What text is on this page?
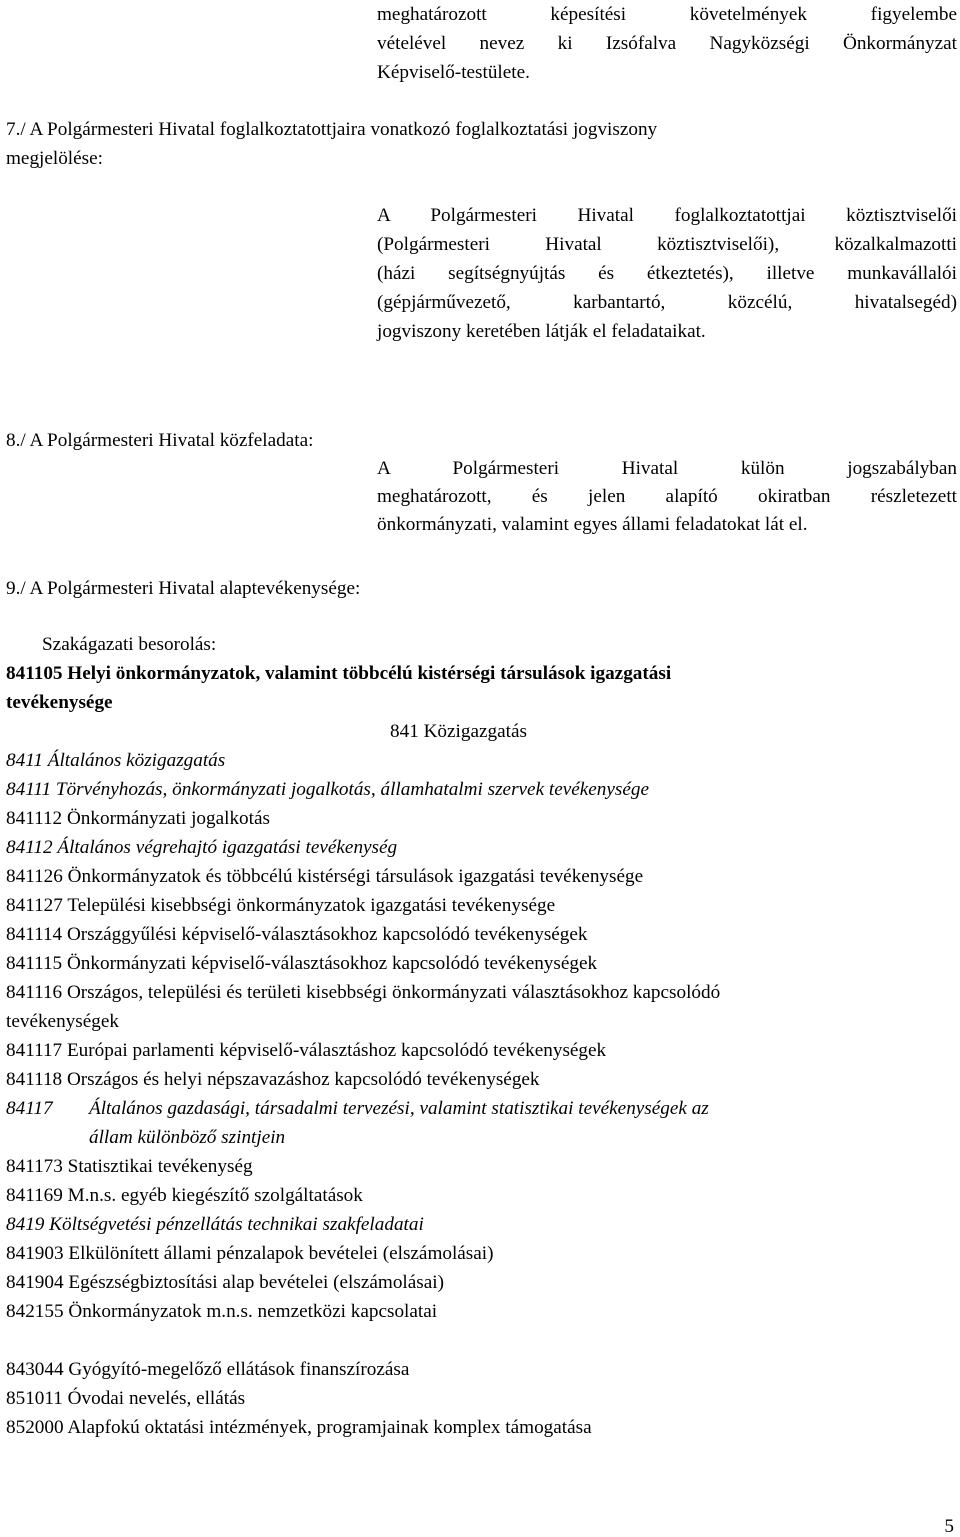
meghatározott képesítési követelmények figyelembe
vételével nevez ki Izsófalva Nagyközségi Önkormányzat
Képviselő-testülete.
7./ A Polgármesteri Hivatal foglalkoztatottjaira vonatkozó foglalkoztatási jogviszony
megjelölése:
A Polgármesteri Hivatal foglalkoztatottjai köztisztviselői
(Polgármesteri Hivatal köztisztviselői), közalkalmazotti
(házi segítségnyújtás és étkeztetés), illetve munkavállalói
(gépjárművezető, karbantartó, közcélú, hivatalsegéd)
jogviszony keretében látják el feladataikat.
8./ A Polgármesteri Hivatal közfeladata:
A Polgármesteri Hivatal külön jogszabályban
meghatározott, és jelen alapító okiratban részletezett
önkormányzati, valamint egyes állami feladatokat lát el.
9./ A Polgármesteri Hivatal alaptevékenysége:
Szakágazati besorolás:
841105 Helyi önkormányzatok, valamint többcélú kistérségi társulások igazgatási
tevékenysége
841 Közigazgatás
8411 Általános közigazgatás
84111 Törvényhozás, önkormányzati jogalkotás, államhatalmi szervek tevékenysége
841112 Önkormányzati jogalkotás
84112 Általános végrehajtó igazgatási tevékenység
841126 Önkormányzatok és többcélú kistérségi társulások igazgatási tevékenysége
841127 Települési kisebbségi önkormányzatok igazgatási tevékenysége
841114 Országgyűlési képviselő-választásokhoz kapcsolódó tevékenységek
841115 Önkormányzati képviselő-választásokhoz kapcsolódó tevékenységek
841116 Országos, települési és területi kisebbségi önkormányzati választásokhoz kapcsolódó
tevékenységek
841117 Európai parlamenti képviselő-választáshoz kapcsolódó tevékenységek
841118 Országos és helyi népszavazáshoz kapcsolódó tevékenységek
84117 Általános gazdasági, társadalmi tervezési, valamint statisztikai tevékenységek az
állam különböző szintjein
841173 Statisztikai tevékenység
841169 M.n.s. egyéb kiegészítő szolgáltatások
8419 Költségvetési pénzellátás technikai szakfeladatai
841903 Elkülönített állami pénzalapok bevételei (elszámolásai)
841904 Egészségbiztosítási alap bevételei (elszámolásai)
842155 Önkormányzatok m.n.s. nemzetközi kapcsolatai
843044 Gyógyító-megelőző ellátások finanszírozása
851011 Óvodai nevelés, ellátás
852000 Alapfokú oktatási intézmények, programjainak komplex támogatása
5
